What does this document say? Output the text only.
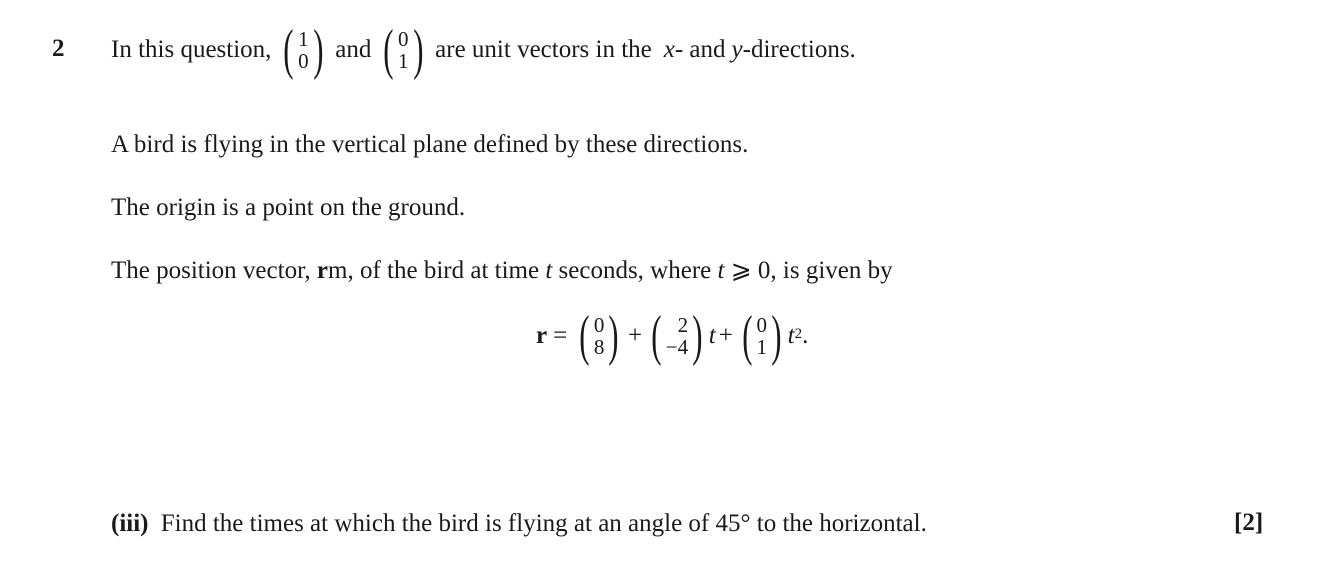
2 In this question, ( 1
0 ) and ( 0
1 ) are unit vectors in the x - and y -directions.
A bird is flying in the vertical plane defined by these directions.
The origin is a point on the ground.
The position vector, rm, of the bird at time t seconds, where t ⩾ 0, is given by
r = ( 0
8 ) + ( 2
−4 ) t + ( 0
1 ) t 2 .
(iii) Find the times at which the bird is flying at an angle of 45° to the horizontal.	[2]
